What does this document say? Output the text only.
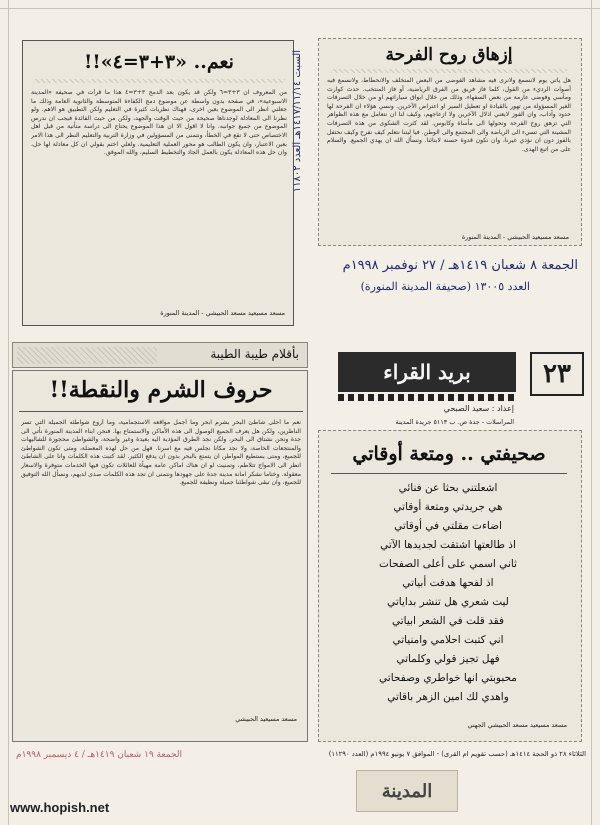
إزهاق روح الفرحة
هل يأتي يوم لانسمع ولانرى فيه مشاهد الفوضى من البعض المتخلف والانحطاط، ولانسمع فيه أصوات الرديء من القول، كلما فاز فريق من الفرق الرياضية، أو فاز المنتخب. حدث كوارث ومآسي وفوضى عارمة من بعض السفهاء، وذلك من خلال ابواق سياراتهم او من خلال التصرفات الغير المسؤولة من تهور بالقيادة او تعطيل السير او اعتراض الآخرين. ونسي هؤلاء ان الفرحة لها حدود وآداب، وان الفوز لايعني اذلال الآخرين ولا ازعاجهم، وكيف لنا ان نتعامل مع هذه الظواهر التي تزهق روح الفرحة وتحولها الى مأساة وكابوس. لقد كثرت الشكوى من هذه التصرفات المشينة التي تسيء الى الرياضة والى المجتمع والى الوطن. فيا ليتنا نتعلم كيف نفرح وكيف نحتفل بالفوز دون ان نؤذي غيرنا، وان نكون قدوة حسنة لابنائنا. ونسأل الله ان يهدي الجميع. والسلام على من اتبع الهدى.
مسعد مسيعيد الحبيشي - المدينة المنورة
نعم.. «٣+٣=٤»!!
من المعروف ان ٣+٣=٦ ولكن قد يكون بعد الدمج ٣+٣=٤ هذا ما قرأت في صحيفة «المدينة الاسبوعية»، في صفحة بدون واسطة عن موضوع دمج الكفاءة المتوسطة والثانوية العامة وذلك ما جعلني انظر الى الموضوع بعين اخرى، فهناك نظريات كثيرة في التعليم ولكن التطبيق هو الاهم. ولو نظرنا الى المعادلة لوجدناها صحيحة من حيث الوقت والجهد، ولكن من حيث الفائدة فيجب ان ندرس الموضوع من جميع جوانبه. وانا لا اقول الا ان هذا الموضوع يحتاج الى دراسة متأنية من قبل اهل الاختصاص حتى لا نقع في الخطأ، ونتمنى من المسؤولين في وزارة التربية والتعليم النظر الى هذا الامر بعين الاعتبار، وان يكون الطالب هو محور العملية التعليمية. ولعلي اختم بقولي ان كل معادلة لها حل، وان حل هذه المعادلة يكون بالعمل الجاد والتخطيط السليم، والله الموفق.
مسعد مسيعيد مسعد الحبيشي - المدينة المنورة
السبت ١٤١٧/١١/١٤هـ العدد ١١٨٠٢
الجمعة ٨ شعبان ١٤١٩هـ / ٢٧ نوفمبر ١٩٩٨م
العدد ١٣٠٠٥ (صحيفة المدينة المنورة)
بريد القراء
إعداد : سعيد الصبحي
المراسلات - جدة ص. ب ٥١١٣ جريدة المدينة
٢٣
بأقلام طيبة الطيبة
حروف الشرم والنقطة!!
نعم ما أحلى شاطئ البحر بشرم ابحر وما أجمل مواقعه الاستجمامية، وما أروع شواطئه الجميلة التي تسر الناظرين، ولكن هل يعرف الجميع الوصول الى هذه الأماكن والاستمتاع بها. فنحن ابناء المدينة المنورة نأتي الى جدة ونحن نشتاق الى البحر، ولكن نجد الطرق المؤدية اليه بعيدة وغير واضحة، والشواطئ محجوزة للشاليهات والمنتجعات الخاصة، ولا نجد مكانا نجلس فيه مع اسرنا. فهل من حل لهذه المعضلة، ومتى تكون الشواطئ للجميع، ومتى يستطيع المواطن ان يتمتع بالبحر بدون ان يدفع الكثير. لقد كتبت هذه الكلمات وانا على الشاطئ انظر الى الامواج تتلاطم، وتمنيت لو ان هناك اماكن عامة مهيأة للعائلات تكون فيها الخدمات متوفرة والاسعار معقولة. وختاما نشكر امانة مدينة جدة على جهودها ونتمنى ان تجد هذه الكلمات صدى لديهم، ونسأل الله التوفيق للجميع، وان تبقى شواطئنا جميلة ونظيفة للجميع.
مسعد مسيعيد الحبيشي
الجمعة ١٩ شعبان ١٤١٩هـ / ٤ ديسمبر ١٩٩٨م
صحيفتي .. ومتعة أوقاتي
اشعلتني بحثا عن فنائي
هي جريدتي ومتعة أوقاتي
اضاءت مقلتي في أوقاتي
اذ طالعتها اشتقت لجديدها الآتي
ثاني اسمي على أعلى الصفحات
اذ لفحها هدفت أبياتي
ليت شعري هل تنشر بداياتي
فقد قلت في الشعر ابياتي
اني كتبت احلامي وامنياتي
فهل تجيز قولي وكلماتي
محبوبتي انها خواطري وصفحاتي
واهدي لك امين الزهر باقاتي
مسعد مسيعيد مسعد الحبيشي الجهني
الثلاثاء ٢٨ ذو الحجة ١٤١٤هـ (حسب تقويم ام القرى) - الموافق ٧ يونيو ١٩٩٤م (العدد ١١٢٩٠)
المدينة
www.hopish.net
